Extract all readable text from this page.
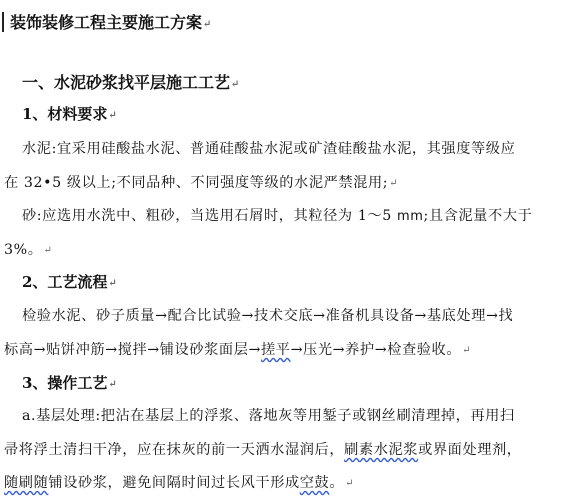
装饰装修工程主要施工方案↵
一、水泥砂浆找平层施工工艺↵
1、材料要求↵
水泥:宜采用硅酸盐水泥、普通硅酸盐水泥或矿渣硅酸盐水泥，其强度等级应
在 32•5 级以上;不同品种、不同强度等级的水泥严禁混用;↵
砂:应选用水洗中、粗砂，当选用石屑时，其粒径为 1～5 mm;且含泥量不大于
3%。↵
2、工艺流程↵
检验水泥、砂子质量→配合比试验→技术交底→准备机具设备→基底处理→找
标高→贴饼冲筋→搅拌→铺设砂浆面层→搓平→压光→养护→检查验收。↵
3、操作工艺↵
a.基层处理:把沾在基层上的浮浆、落地灰等用錾子或钢丝刷清理掉，再用扫
帚将浮土清扫干净，应在抹灰的前一天洒水湿润后，刷素水泥浆或界面处理剂，
随刷随铺设砂浆，避免间隔时间过长风干形成空鼓。↵
